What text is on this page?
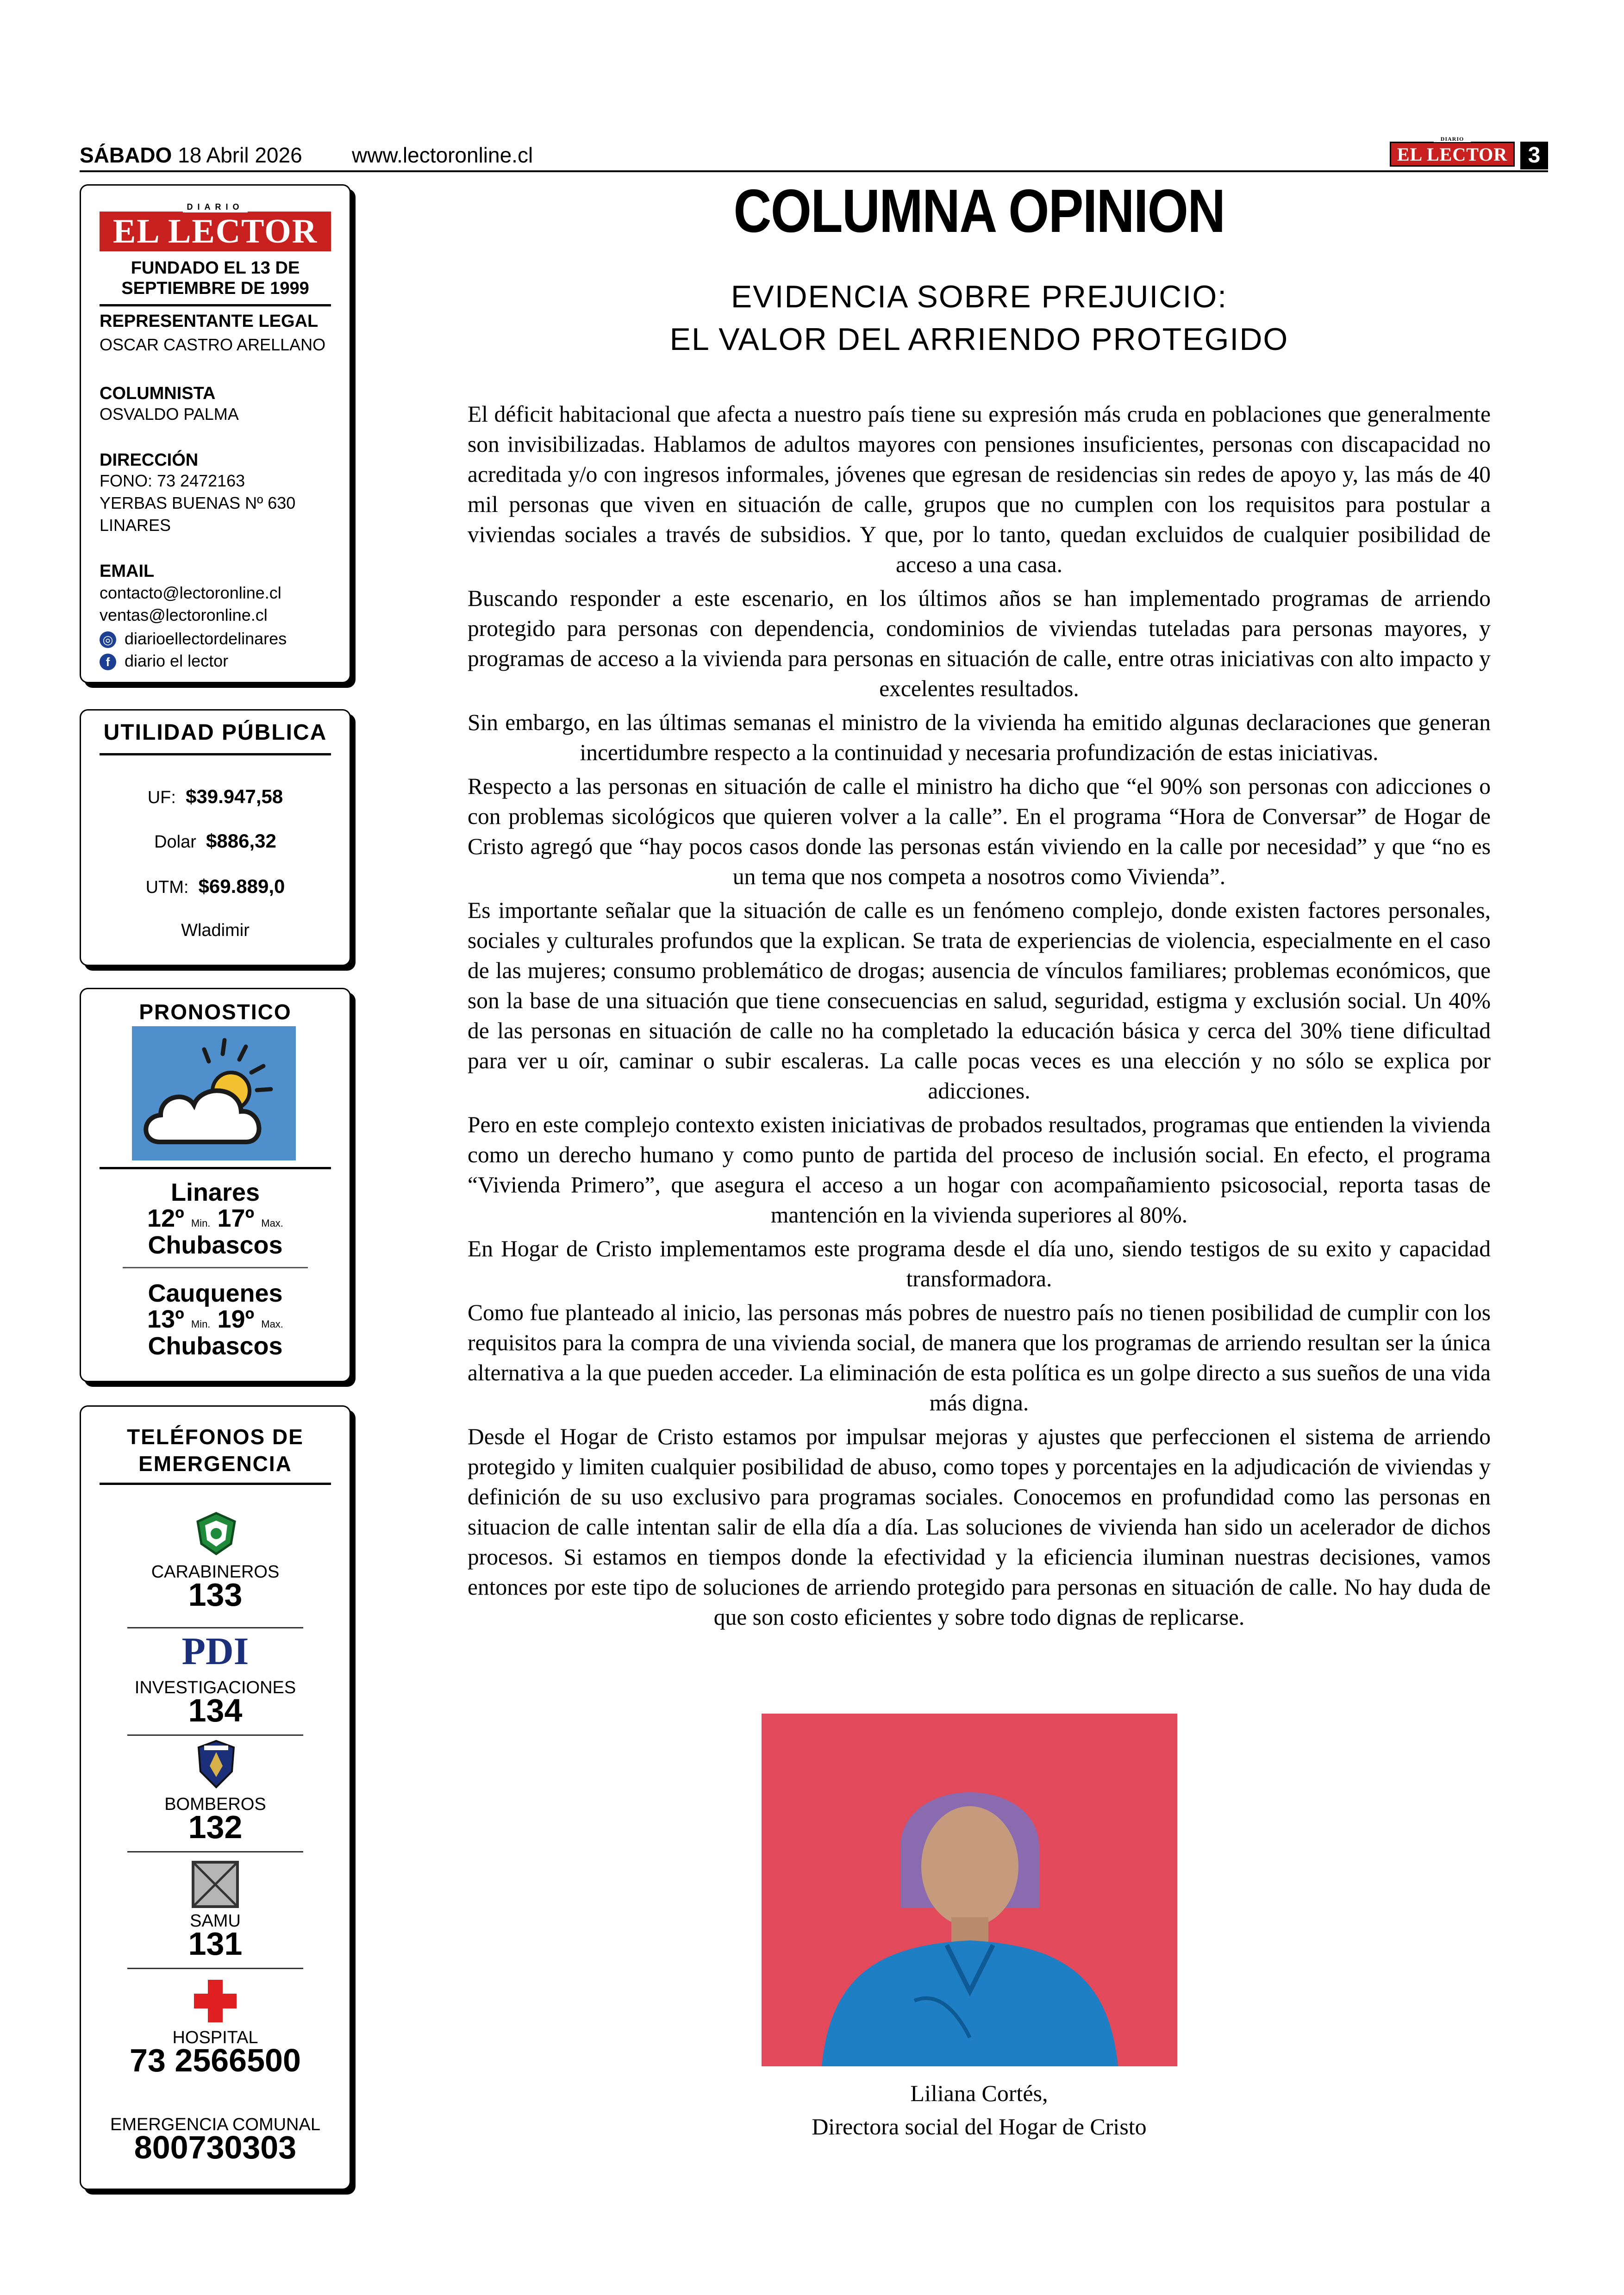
SÁBADO 18 Abril 2026 www.lectoronline.cl
DIARIO
EL LECTOR 3
DIARIO
EL LECTOR
FUNDADO EL 13 DE
SEPTIEMBRE DE 1999
REPRESENTANTE LEGAL
OSCAR CASTRO ARELLANO
COLUMNISTA
OSVALDO PALMA
DIRECCIÓN
FONO: 73 2472163
YERBAS BUENAS Nº 630
LINARES
EMAIL
contacto@lectoronline.cl
ventas@lectoronline.cl
◎ diarioellectordelinares
f diario el lector
UTILIDAD PÚBLICA
UF: $39.947,58
Dolar $886,32
UTM: $69.889,0
Wladimir
PRONOSTICO
Linares
12º Min. 17º Max.
Chubascos
Cauquenes
13º Min. 19º Max.
Chubascos
TELÉFONOS DE
EMERGENCIA
CARABINEROS
133
PDI
INVESTIGACIONES
134
BOMBEROS
132
SAMU
131
HOSPITAL
73 2566500
EMERGENCIA COMUNAL
800730303
COLUMNA OPINION
EVIDENCIA SOBRE PREJUICIO:
EL VALOR DEL ARRIENDO PROTEGIDO

El déficit habitacional que afecta a nuestro país tiene su expresión más cruda en poblaciones que generalmente son invisibilizadas. Hablamos de adultos mayores con pensiones insuficientes, personas con discapacidad no acreditada y/o con ingresos informales, jóvenes que egresan de residencias sin redes de apoyo y, las más de 40 mil personas que viven en situación de calle, grupos que no cumplen con los requisitos para postular a viviendas sociales a través de subsidios. Y que, por lo tanto, quedan excluidos de cualquier posibilidad de acceso a una casa.

Buscando responder a este escenario, en los últimos años se han implementado programas de arriendo protegido para personas con dependencia, condominios de viviendas tuteladas para personas mayores, y programas de acceso a la vivienda para personas en situación de calle, entre otras iniciativas con alto impacto y excelentes resultados.

Sin embargo, en las últimas semanas el ministro de la vivienda ha emitido algunas declaraciones que generan incertidumbre respecto a la continuidad y necesaria profundización de estas iniciativas.

Respecto a las personas en situación de calle el ministro ha dicho que “el 90% son personas con adicciones o con problemas sicológicos que quieren volver a la calle”. En el programa “Hora de Conversar” de Hogar de Cristo agregó que “hay pocos casos donde las personas están viviendo en la calle por necesidad” y que “no es un tema que nos competa a nosotros como Vivienda”.

Es importante señalar que la situación de calle es un fenómeno complejo, donde existen factores personales, sociales y culturales profundos que la explican. Se trata de experiencias de violencia, especialmente en el caso de las mujeres; consumo problemático de drogas; ausencia de vínculos familiares; problemas económicos, que son la base de una situación que tiene consecuencias en salud, seguridad, estigma y exclusión social. Un 40% de las personas en situación de calle no ha completado la educación básica y cerca del 30% tiene dificultad para ver u oír, caminar o subir escaleras. La calle pocas veces es una elección y no sólo se explica por adicciones.

Pero en este complejo contexto existen iniciativas de probados resultados, programas que entienden la vivienda como un derecho humano y como punto de partida del proceso de inclusión social. En efecto, el programa “Vivienda Primero”, que asegura el acceso a un hogar con acompañamiento psicosocial, reporta tasas de mantención en la vivienda superiores al 80%.

En Hogar de Cristo implementamos este programa desde el día uno, siendo testigos de su exito y capacidad transformadora.

Como fue planteado al inicio, las personas más pobres de nuestro país no tienen posibilidad de cumplir con los requisitos para la compra de una vivienda social, de manera que los programas de arriendo resultan ser la única alternativa a la que pueden acceder. La eliminación de esta política es un golpe directo a sus sueños de una vida más digna.

Desde el Hogar de Cristo estamos por impulsar mejoras y ajustes que perfeccionen el sistema de arriendo protegido y limiten cualquier posibilidad de abuso, como topes y porcentajes en la adjudicación de viviendas y definición de su uso exclusivo para programas sociales. Conocemos en profundidad como las personas en situacion de calle intentan salir de ella día a día. Las soluciones de vivienda han sido un acelerador de dichos procesos. Si estamos en tiempos donde la efectividad y la eficiencia iluminan nuestras decisiones, vamos entonces por este tipo de soluciones de arriendo protegido para personas en situación de calle. No hay duda de que son costo eficientes y sobre todo dignas de replicarse.

Liliana Cortés,
Directora social del Hogar de Cristo
